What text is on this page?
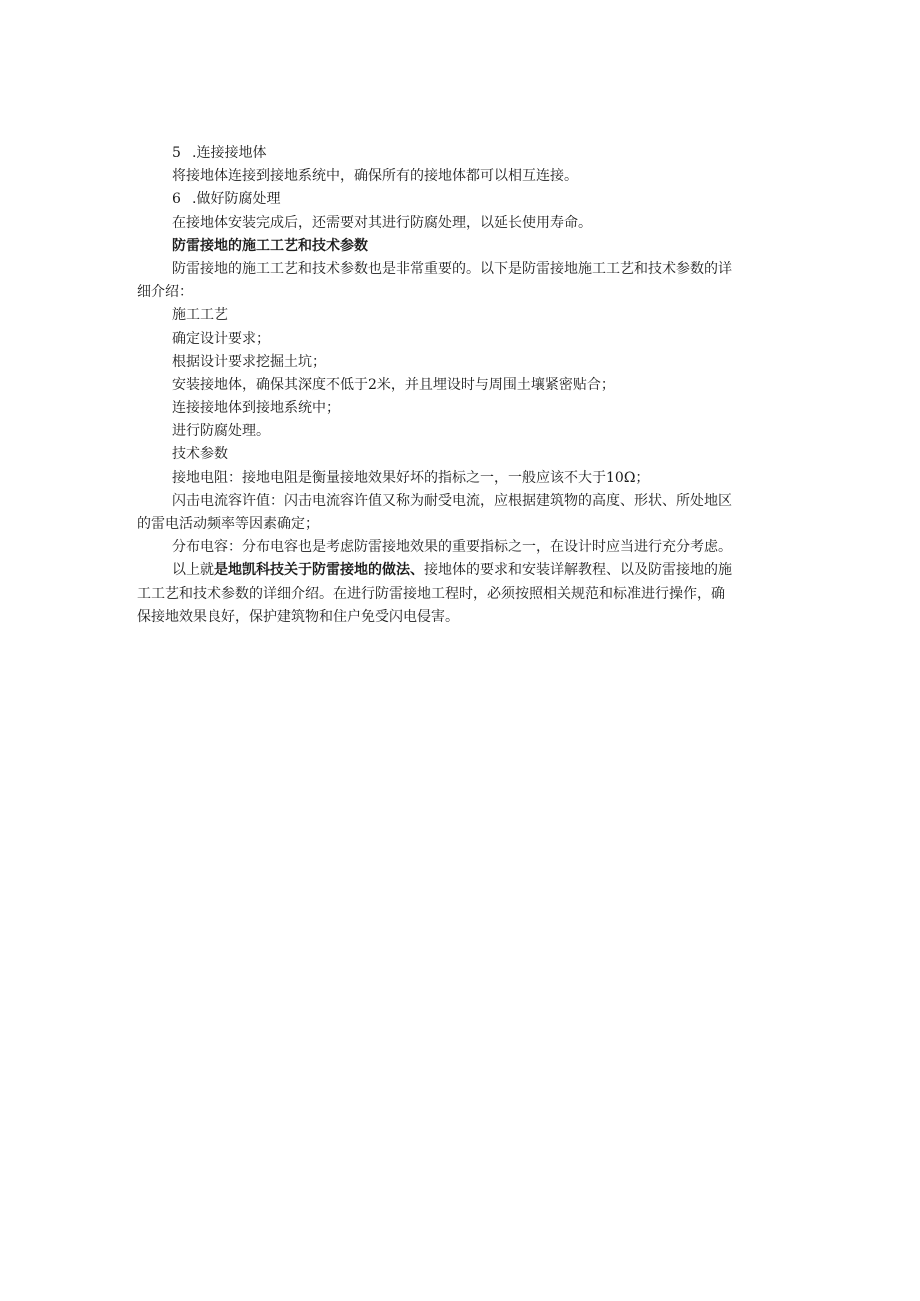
5 .连接接地体
将接地体连接到接地系统中，确保所有的接地体都可以相互连接。
6 .做好防腐处理
在接地体安装完成后，还需要对其进行防腐处理，以延长使用寿命。
防雷接地的施工工艺和技术参数
防雷接地的施工工艺和技术参数也是非常重要的。以下是防雷接地施工工艺和技术参数的详
细介绍：
施工工艺
确定设计要求；
根据设计要求挖掘土坑；
安装接地体，确保其深度不低于2米，并且埋设时与周围土壤紧密贴合；
连接接地体到接地系统中；
进行防腐处理。
技术参数
接地电阻：接地电阻是衡量接地效果好坏的指标之一，一般应该不大于10Ω；
闪击电流容许值：闪击电流容许值又称为耐受电流，应根据建筑物的高度、形状、所处地区
的雷电活动频率等因素确定；
分布电容：分布电容也是考虑防雷接地效果的重要指标之一，在设计时应当进行充分考虑。
以上就是地凯科技关于防雷接地的做法、接地体的要求和安装详解教程、以及防雷接地的施
工工艺和技术参数的详细介绍。在进行防雷接地工程时，必须按照相关规范和标准进行操作，确
保接地效果良好，保护建筑物和住户免受闪电侵害。
